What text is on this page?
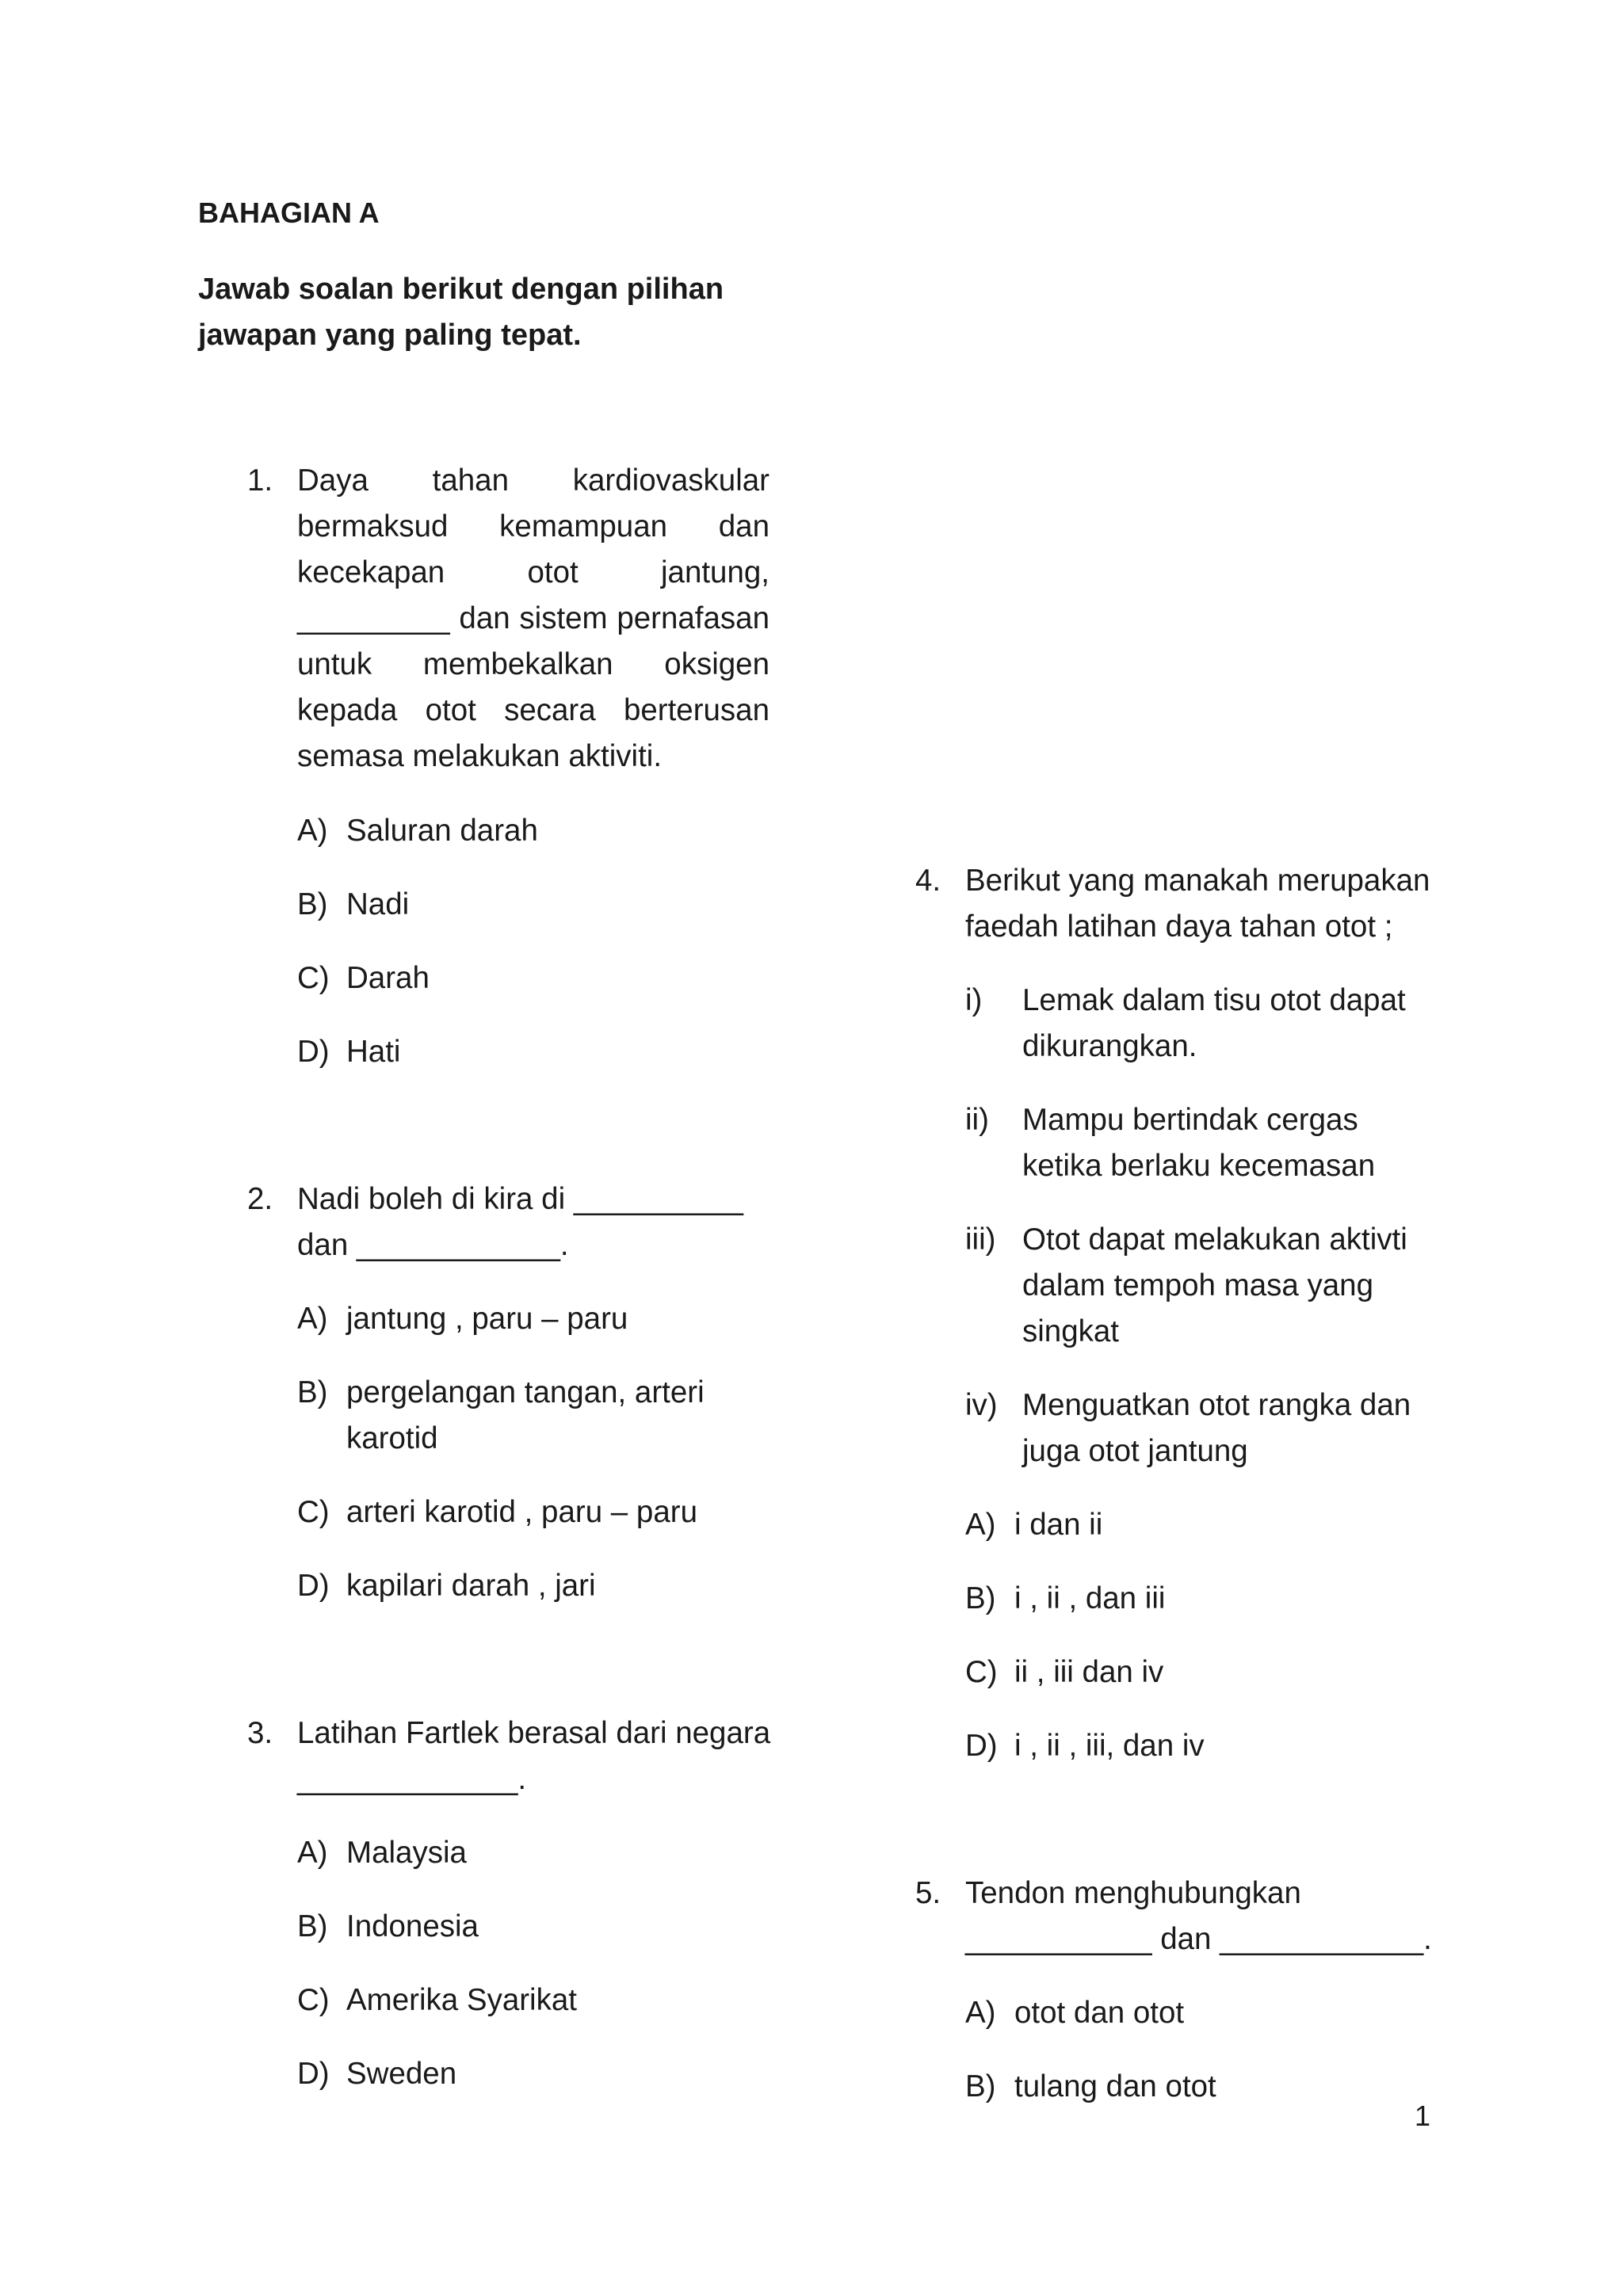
BAHAGIAN A
Jawab soalan berikut dengan pilihan
jawapan yang paling tepat.
1. Daya tahan kardiovaskular bermaksud kemampuan dan kecekapan otot jantung, _________ dan sistem pernafasan untuk membekalkan oksigen kepada otot secara berterusan semasa melakukan aktiviti.
A) Saluran darah
B) Nadi
C) Darah
D) Hati
2. Nadi boleh di kira di __________
dan ____________.
A) jantung , paru – paru
B) pergelangan tangan, arteri
karotid
C) arteri karotid , paru – paru
D) kapilari darah , jari
3. Latihan Fartlek berasal dari negara
_____________.
A) Malaysia
B) Indonesia
C) Amerika Syarikat
D) Sweden
4. Berikut yang manakah merupakan
faedah latihan daya tahan otot ;
i) Lemak dalam tisu otot dapat dikurangkan.
ii) Mampu bertindak cergas ketika berlaku kecemasan
iii) Otot dapat melakukan aktivti dalam tempoh masa yang singkat
iv) Menguatkan otot rangka dan juga otot jantung
A) i dan ii
B) i , ii , dan iii
C) ii , iii dan iv
D) i , ii , iii, dan iv
5. Tendon menghubungkan
___________ dan ____________.
A) otot dan otot
B) tulang dan otot
1
